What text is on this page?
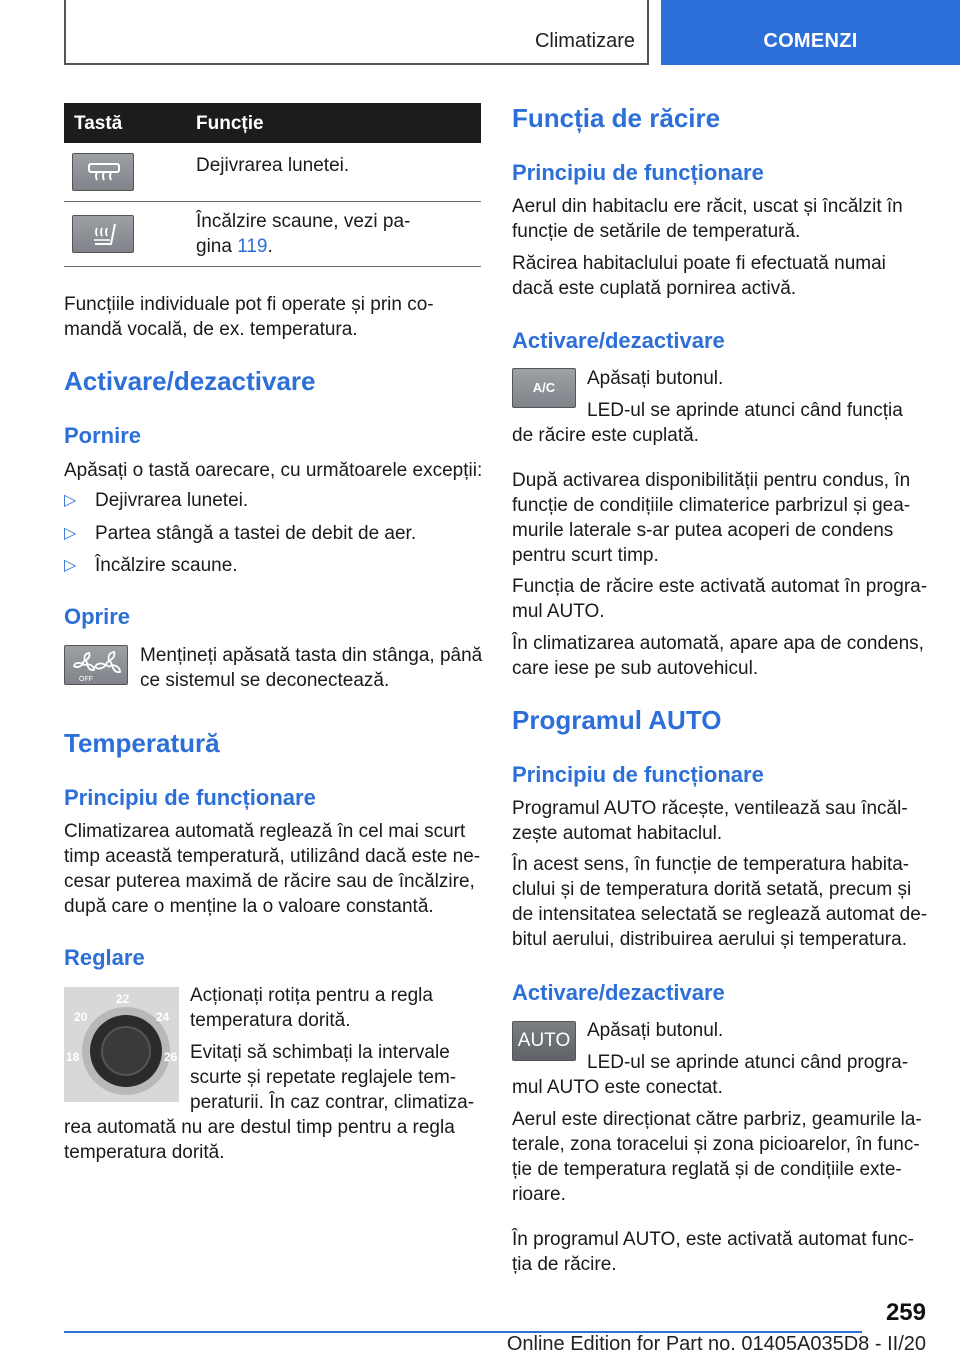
Climatizare	COMENZI
Tastă	Funcție
Dejivrarea lunetei.
Încălzire scaune, vezi pa-
gina 119.
Funcțiile individuale pot fi operate și prin co-
mandă vocală, de ex. temperatura.
Activare/dezactivare
Pornire
Apăsați o tastă oarecare, cu următoarele excepții:
▷ Dejivrarea lunetei.
▷ Partea stângă a tastei de debit de aer.
▷ Încălzire scaune.
Oprire
OFF
Mențineți apăsată tasta din stânga, până
ce sistemul se deconectează.
Temperatură
Principiu de funcționare
Climatizarea automată reglează în cel mai scurt
timp această temperatură, utilizând dacă este ne-
cesar puterea maximă de răcire sau de încălzire,
după care o menține la o valoare constantă.
Reglare
22
20	24
18	26
Acționați rotița pentru a regla
temperatura dorită.
Evitați să schimbați la intervale
scurte și repetate reglajele tem-
peraturii. În caz contrar, climatiza-
rea automată nu are destul timp pentru a regla
temperatura dorită.
Funcția de răcire
Principiu de funcționare
Aerul din habitaclu ere răcit, uscat și încălzit în
funcție de setările de temperatură.
Răcirea habitaclului poate fi efectuată numai
dacă este cuplată pornirea activă.
Activare/dezactivare
A/C	Apăsați butonul.
LED-ul se aprinde atunci când funcția
de răcire este cuplată.
După activarea disponibilității pentru condus, în
funcție de condițiile climaterice parbrizul și gea-
murile laterale s-ar putea acoperi de condens
pentru scurt timp.
Funcția de răcire este activată automat în progra-
mul AUTO.
În climatizarea automată, apare apa de condens,
care iese pe sub autovehicul.
Programul AUTO
Principiu de funcționare
Programul AUTO răcește, ventilează sau încăl-
zește automat habitaclul.
În acest sens, în funcție de temperatura habita-
clului și de temperatura dorită setată, precum și
de intensitatea selectată se reglează automat de-
bitul aerului, distribuirea aerului și temperatura.
Activare/dezactivare
AUTO Apăsați butonul.
LED-ul se aprinde atunci când progra-
mul AUTO este conectat.
Aerul este direcționat către parbriz, geamurile la-
terale, zona toracelui și zona picioarelor, în func-
ție de temperatura reglată și de condițiile exte-
rioare.
În programul AUTO, este activată automat func-
ția de răcire.
259
Online Edition for Part no. 01405A035D8 - II/20
